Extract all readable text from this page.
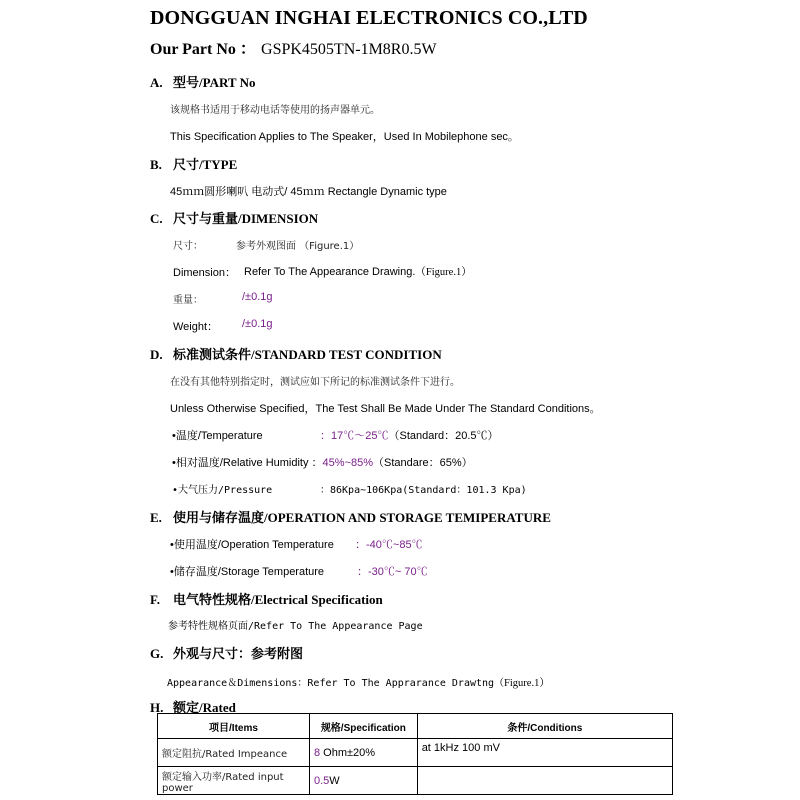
DONGGUAN INGHAI ELECTRONICS CO.,LTD
Our Part No ： GSPK4505TN-1M8R0.5W
A. 型号/PART No
该规格书适用于移动电话等使用的扬声器单元。
This Specification Applies to The Speaker，Used In Mobilephone sec。
B. 尺寸/TYPE
45ｍｍ圆形喇叭 电动式/ 45ｍｍ Rectangle Dynamic type
C. 尺寸与重量/DIMENSION
尺寸：	参考外观图面 （Figure.1）
Dimension： Refer To The Appearance Drawing.（Figure.1）
重量：	/±0.1g
Weight： /±0.1g
D. 标准测试条件/STANDARD TEST CONDITION
在没有其他特别指定时，测试应如下所记的标准测试条件下进行。
Unless Otherwise Specified，The Test Shall Be Made Under The Standard Conditions。
•温度/Temperature	：17℃～25℃（Standard：20.5℃）
•相对温度/Relative Humidity ：45%~85%（Standare：65%）
•大气压力/Pressure	：86Kpa~106Kpa(Standard：101.3 Kpa)
E. 使用与储存温度/OPERATION AND STORAGE TEMIPERATURE
•使用温度/Operation Temperature ：-40℃~85℃
•储存温度/Storage Temperature	：-30℃~ 70℃
F. 电气特性规格/Electrical Specification
参考特性规格页面/Refer To The Appearance Page
G. 外观与尺寸：参考附图
Appearance＆Dimensions：Refer To The Apprarance Drawtng（Figure.1）
H. 额定/Rated
项目/Items	规格/Specification	条件/Conditions
额定阻抗/Rated Impeance	8 Ohm±20%	at 1kHz 100 mV
额定输入功率/Rated input power	0.5W	
